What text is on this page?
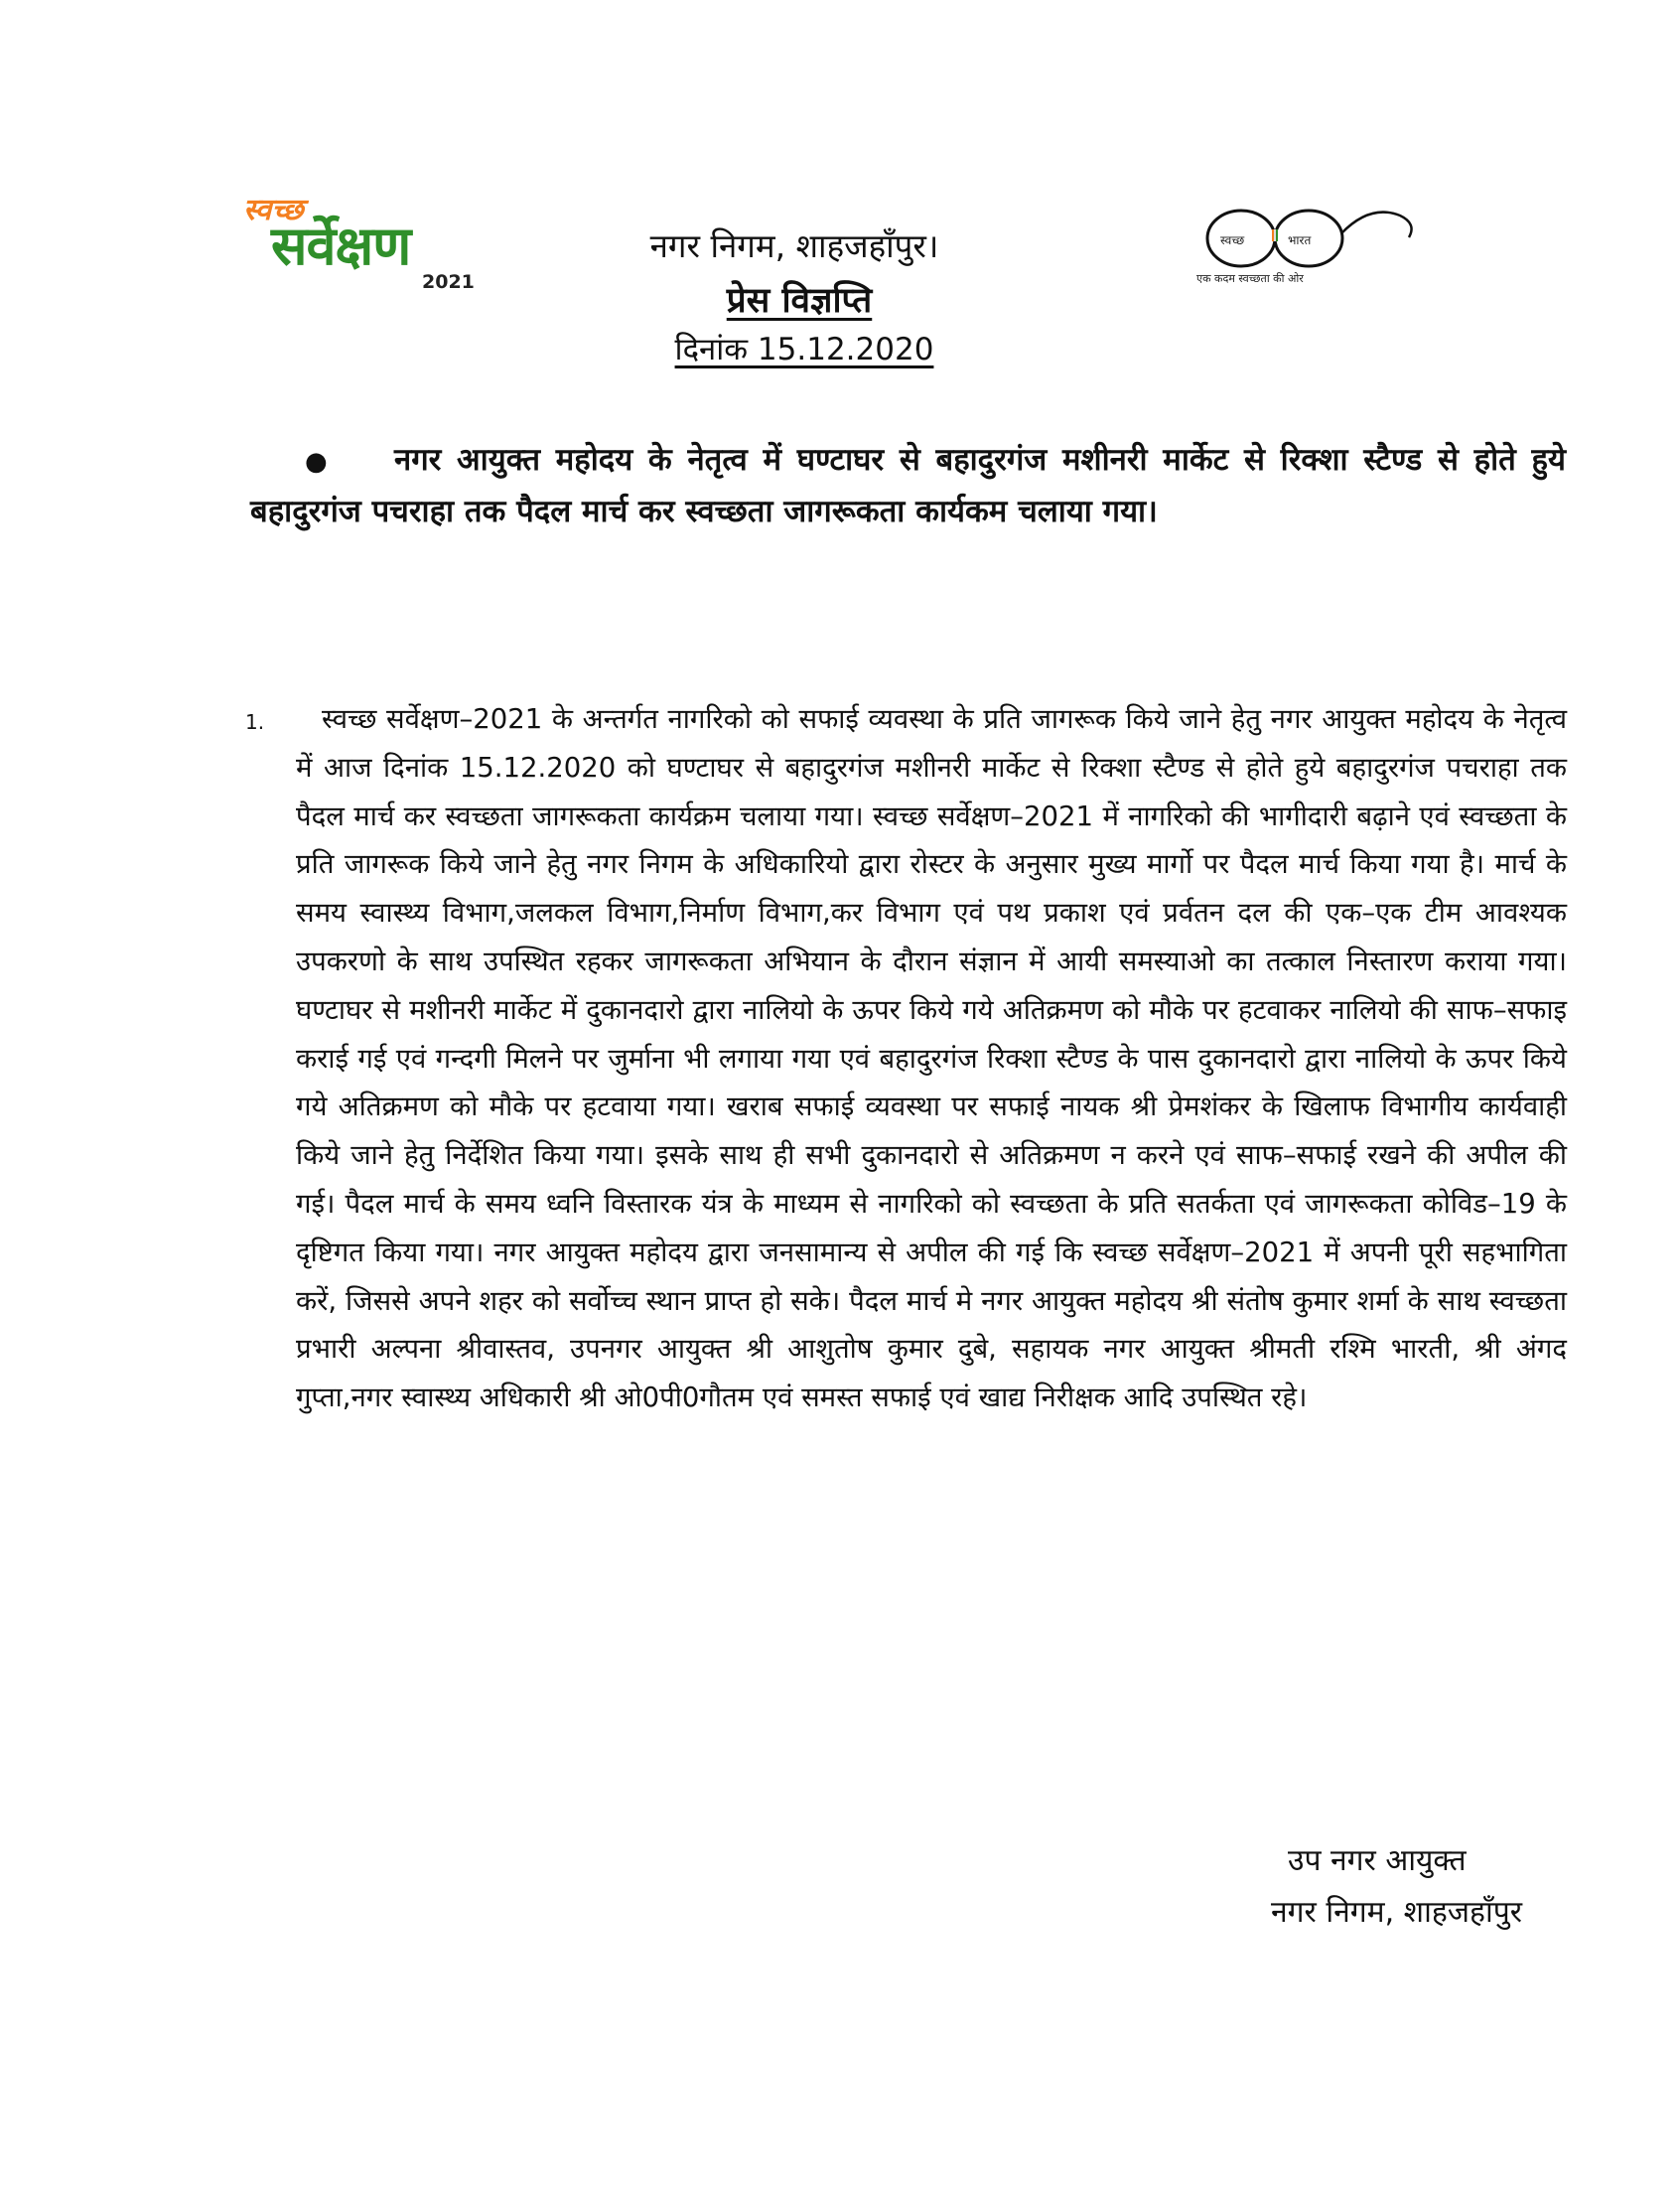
स्वच्छ
सर्वेक्षण
2021
नगर निगम, शाहजहाँपुर।
प्रेस विज्ञप्ति
दिनांक 15.12.2020
स्वच्छ	भारत
एक कदम स्वच्छता की ओर
● नगर आयुक्त महोदय के नेतृत्व में घण्टाघर से बहादुरगंज मशीनरी मार्केट से रिक्शा स्टैण्ड से होते हुये बहादुरगंज पचराहा तक पैदल मार्च कर स्वच्छता जागरूकता कार्यकम चलाया गया।
1.	स्वच्छ सर्वेक्षण–2021 के अन्तर्गत नागरिको को सफाई व्यवस्था के प्रति जागरूक किये जाने हेतु नगर आयुक्त महोदय के नेतृत्व में आज दिनांक 15.12.2020 को घण्टाघर से बहादुरगंज मशीनरी मार्केट से रिक्शा स्टैण्ड से होते हुये बहादुरगंज पचराहा तक पैदल मार्च कर स्वच्छता जागरूकता कार्यक्रम चलाया गया। स्वच्छ सर्वेक्षण–2021 में नागरिको की भागीदारी बढ़ाने एवं स्वच्छता के प्रति जागरूक किये जाने हेतु नगर निगम के अधिकारियो द्वारा रोस्टर के अनुसार मुख्य मार्गो पर पैदल मार्च किया गया है। मार्च के समय स्वास्थ्य विभाग,जलकल विभाग,निर्माण विभाग,कर विभाग एवं पथ प्रकाश एवं प्रर्वतन दल की एक–एक टीम आवश्यक उपकरणो के साथ उपस्थित रहकर जागरूकता अभियान के दौरान संज्ञान में आयी समस्याओ का तत्काल निस्तारण कराया गया। घण्टाघर से मशीनरी मार्केट में दुकानदारो द्वारा नालियो के ऊपर किये गये अतिक्रमण को मौके पर हटवाकर नालियो की साफ–सफाइ कराई गई एवं गन्दगी मिलने पर जुर्माना भी लगाया गया एवं बहादुरगंज रिक्शा स्टैण्ड के पास दुकानदारो द्वारा नालियो के ऊपर किये गये अतिक्रमण को मौके पर हटवाया गया। खराब सफाई व्यवस्था पर सफाई नायक श्री प्रेमशंकर के खिलाफ विभागीय कार्यवाही किये जाने हेतु निर्देशित किया गया। इसके साथ ही सभी दुकानदारो से अतिक्रमण न करने एवं साफ–सफाई रखने की अपील की गई। पैदल मार्च के समय ध्वनि विस्तारक यंत्र के माध्यम से नागरिको को स्वच्छता के प्रति सतर्कता एवं जागरूकता कोविड–19 के दृष्टिगत किया गया। नगर आयुक्त महोदय द्वारा जनसामान्य से अपील की गई कि स्वच्छ सर्वेक्षण–2021 में अपनी पूरी सहभागिता करें, जिससे अपने शहर को सर्वोच्च स्थान प्राप्त हो सके। पैदल मार्च मे नगर आयुक्त महोदय श्री संतोष कुमार शर्मा के साथ स्वच्छता प्रभारी अल्पना श्रीवास्तव, उपनगर आयुक्त श्री आशुतोष कुमार दुबे, सहायक नगर आयुक्त श्रीमती रश्मि भारती, श्री अंगद गुप्ता,नगर स्वास्थ्य अधिकारी श्री ओ0पी0गौतम एवं समस्त सफाई एवं खाद्य निरीक्षक आदि उपस्थित रहे।
उप नगर आयुक्त
नगर निगम, शाहजहाँपुर
